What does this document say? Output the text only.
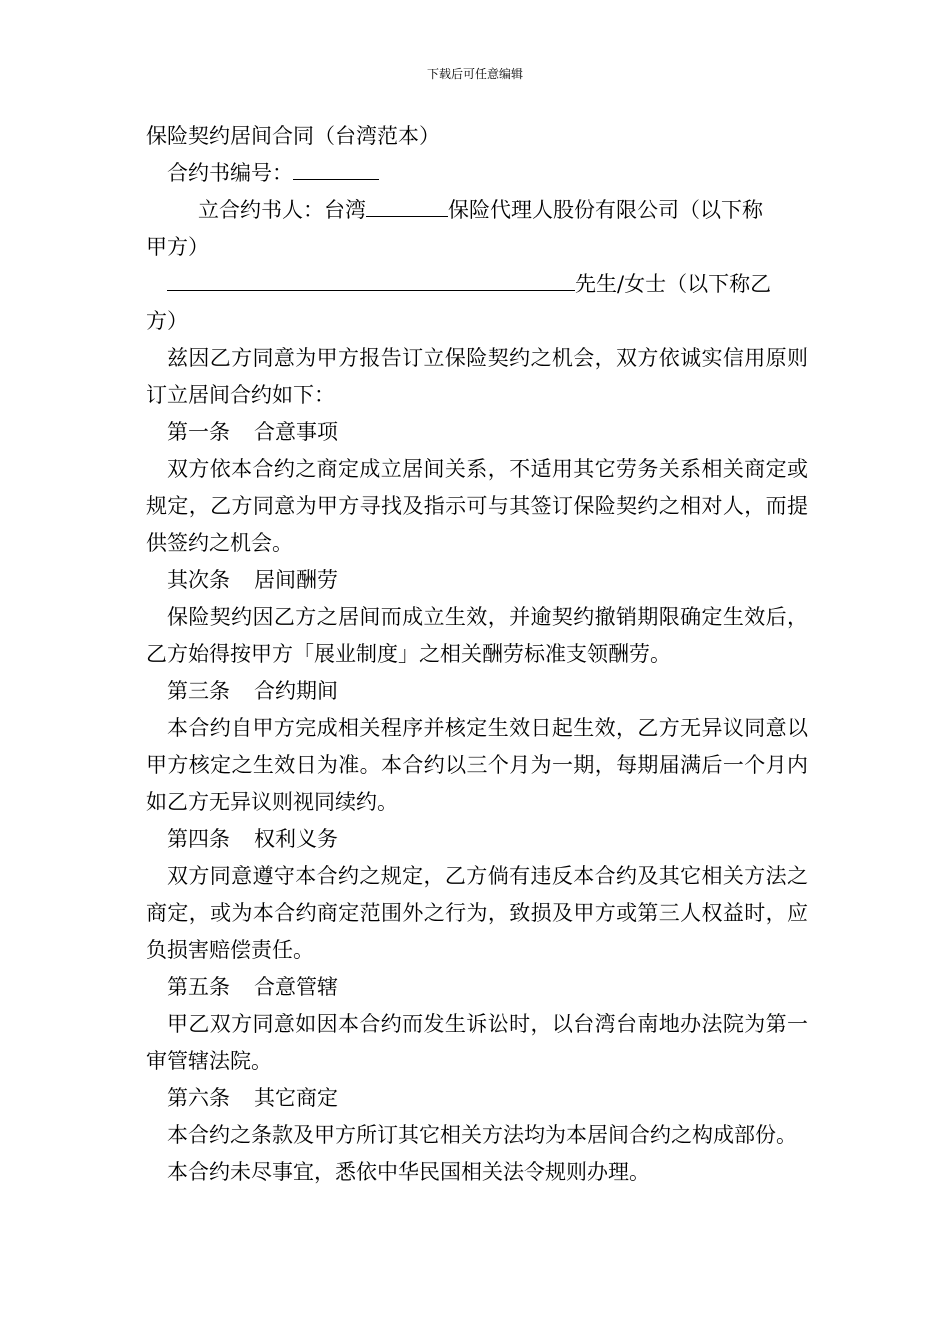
下载后可任意编辑
保险契约居间合同（台湾范本）
合约书编号：
立合约书人：台湾	保险代理人股份有限公司（以下称
甲方）
先生/女士（以下称乙
方）

兹因乙方同意为甲方报告订立保险契约之机会，双方依诚实信用原则订立居间合约如下：

第一条 合意事项

双方依本合约之商定成立居间关系，不适用其它劳务关系相关商定或规定，乙方同意为甲方寻找及指示可与其签订保险契约之相对人，而提供签约之机会。

其次条 居间酬劳

保险契约因乙方之居间而成立生效，并逾契约撤销期限确定生效后，乙方始得按甲方「展业制度」之相关酬劳标准支领酬劳。

第三条 合约期间

本合约自甲方完成相关程序并核定生效日起生效，乙方无异议同意以甲方核定之生效日为准。本合约以三个月为一期，每期届满后一个月内如乙方无异议则视同续约。

第四条 权利义务

双方同意遵守本合约之规定，乙方倘有违反本合约及其它相关方法之商定，或为本合约商定范围外之行为，致损及甲方或第三人权益时，应负损害赔偿责任。

第五条 合意管辖

甲乙双方同意如因本合约而发生诉讼时，以台湾台南地办法院为第一审管辖法院。

第六条 其它商定

本合约之条款及甲方所订其它相关方法均为本居间合约之构成部份。

本合约未尽事宜，悉依中华民国相关法令规则办理。
